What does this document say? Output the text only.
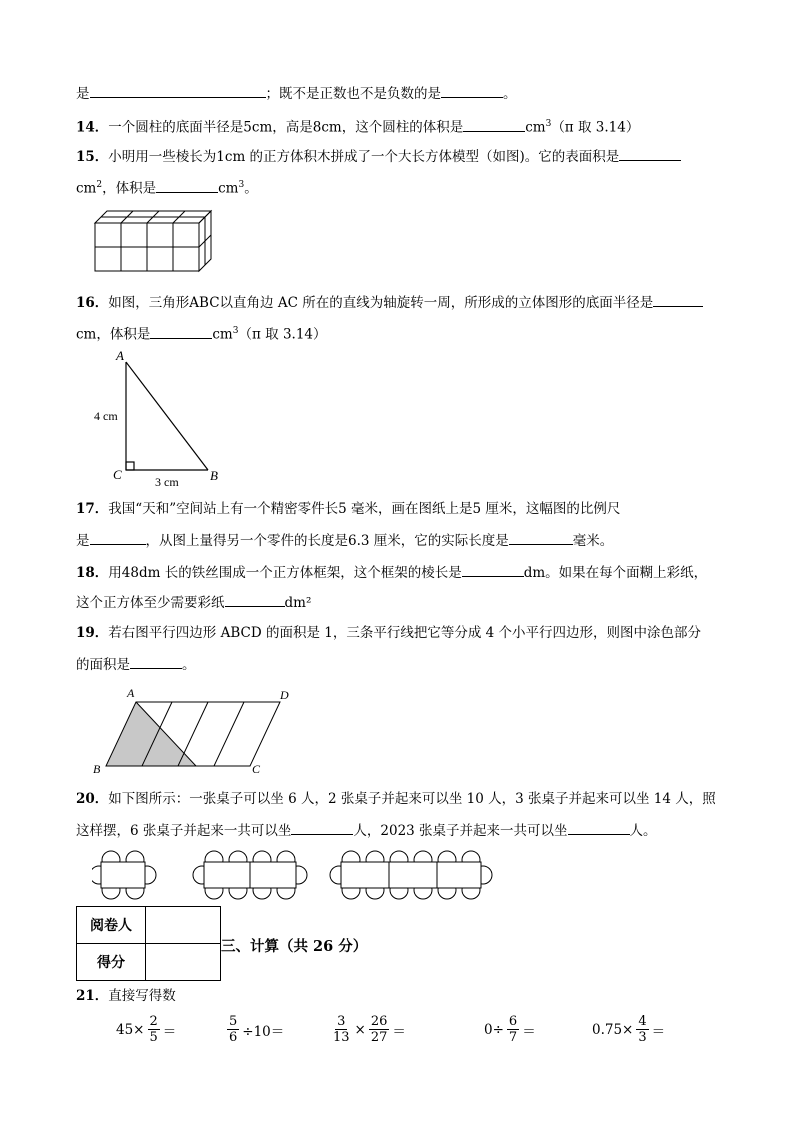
是	；既不是正数也不是负数的是	。
14．一个圆柱的底面半径是5cm，高是8cm，这个圆柱的体积是	$cm^3(\pi$ 取 3.14）
15．小明用一些棱长为1cm 的正方体积木拼成了一个大长方体模型（如图)。它的表面积是
$cm^2$，体积是	$cm^3$。
16．如图，三角形ABC以直角边 AC 所在的直线为轴旋转一周，所形成的立体图形的底面半径是
cm，体积是	$cm^3(\pi$ 取 3.14）
A
C	B
4 cm
3 cm
17．我国“天和”空间站上有一个精密零件长5 毫米，画在图纸上是5 厘米，这幅图的比例尺
是	，从图上量得另一个零件的长度是6.3 厘米，它的实际长度是	毫米。
18．用48dm 长的铁丝围成一个正方体框架，这个框架的棱长是	dm。如果在每个面糊上彩纸，
这个正方体至少需要彩纸	dm²
19．若右图平行四边形 ABCD 的面积是 1，三条平行线把它等分成 4 个小平行四边形，则图中涂色部分
的面积是	。
A	D
B	C
20．如下图所示：一张桌子可以坐 6 人，2 张桌子并起来可以坐 10 人，3 张桌子并起来可以坐 14 人，照
这样摆，6 张桌子并起来一共可以坐	人，2023 张桌子并起来一共可以坐	人。
阅卷人	
得分	
三、计算（共 26 分）
21．直接写得数
$45\times \frac{2}{5}$ ＝	$\frac{5}{6} \div 10=$	$\frac{3}{13} \times \frac{26}{27}$ ＝	$0\div \frac{6}{7}$ ＝	$0.75\times \frac{4}{3}$ ＝
